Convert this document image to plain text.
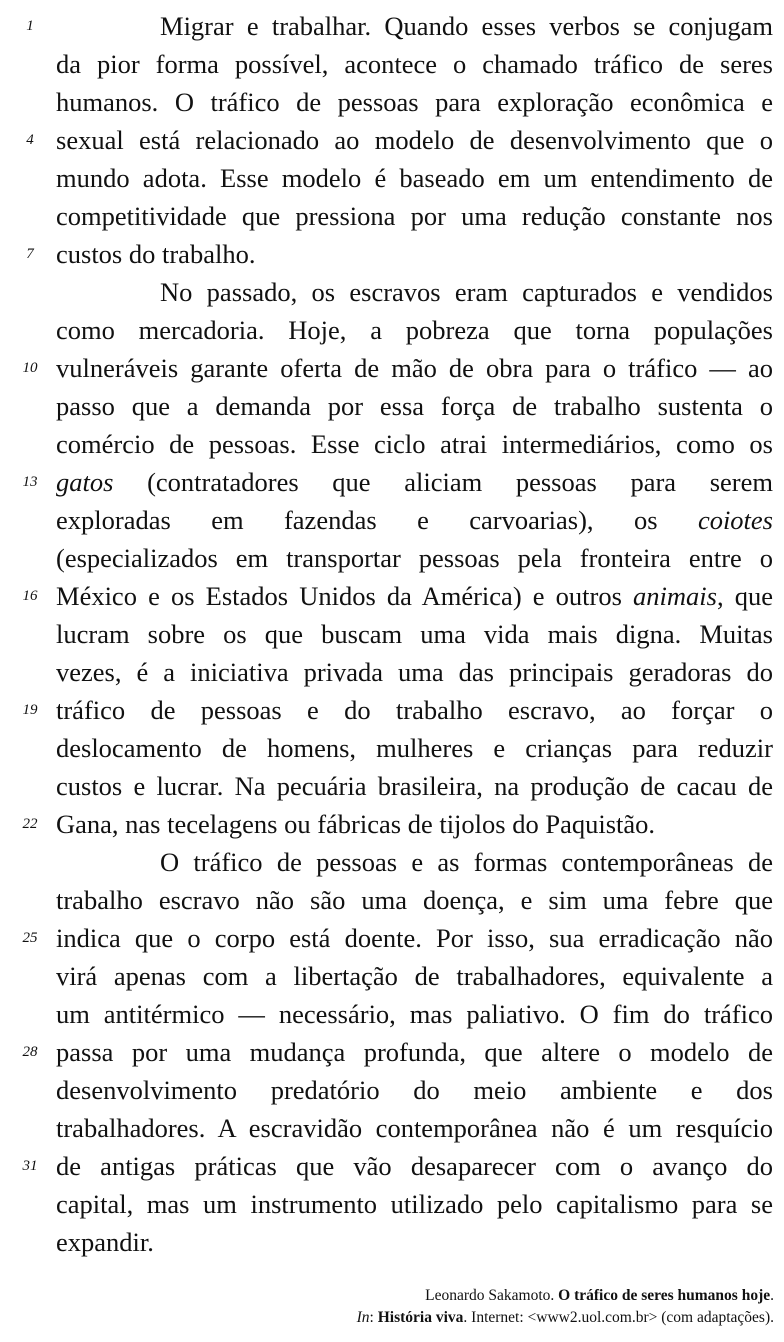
Migrar e trabalhar. Quando esses verbos se conjugam
da pior forma possível, acontece o chamado tráfico de seres
humanos. O tráfico de pessoas para exploração econômica e
sexual está relacionado ao modelo de desenvolvimento que o
mundo adota. Esse modelo é baseado em um entendimento de
competitividade que pressiona por uma redução constante nos
custos do trabalho.
No passado, os escravos eram capturados e vendidos
como mercadoria. Hoje, a pobreza que torna populações
vulneráveis garante oferta de mão de obra para o tráfico — ao
passo que a demanda por essa força de trabalho sustenta o
comércio de pessoas. Esse ciclo atrai intermediários, como os
gatos (contratadores que aliciam pessoas para serem
exploradas em fazendas e carvoarias), os coiotes
(especializados em transportar pessoas pela fronteira entre o
México e os Estados Unidos da América) e outros animais, que
lucram sobre os que buscam uma vida mais digna. Muitas
vezes, é a iniciativa privada uma das principais geradoras do
tráfico de pessoas e do trabalho escravo, ao forçar o
deslocamento de homens, mulheres e crianças para reduzir
custos e lucrar. Na pecuária brasileira, na produção de cacau de
Gana, nas tecelagens ou fábricas de tijolos do Paquistão.
O tráfico de pessoas e as formas contemporâneas de
trabalho escravo não são uma doença, e sim uma febre que
indica que o corpo está doente. Por isso, sua erradicação não
virá apenas com a libertação de trabalhadores, equivalente a
um antitérmico — necessário, mas paliativo. O fim do tráfico
passa por uma mudança profunda, que altere o modelo de
desenvolvimento predatório do meio ambiente e dos
trabalhadores. A escravidão contemporânea não é um resquício
de antigas práticas que vão desaparecer com o avanço do
capital, mas um instrumento utilizado pelo capitalismo para se
expandir.
1
4
7
10
13
16
19
22
25
28
31
Leonardo Sakamoto. O tráfico de seres humanos hoje.
In: História viva. Internet: <www2.uol.com.br> (com adaptações).
